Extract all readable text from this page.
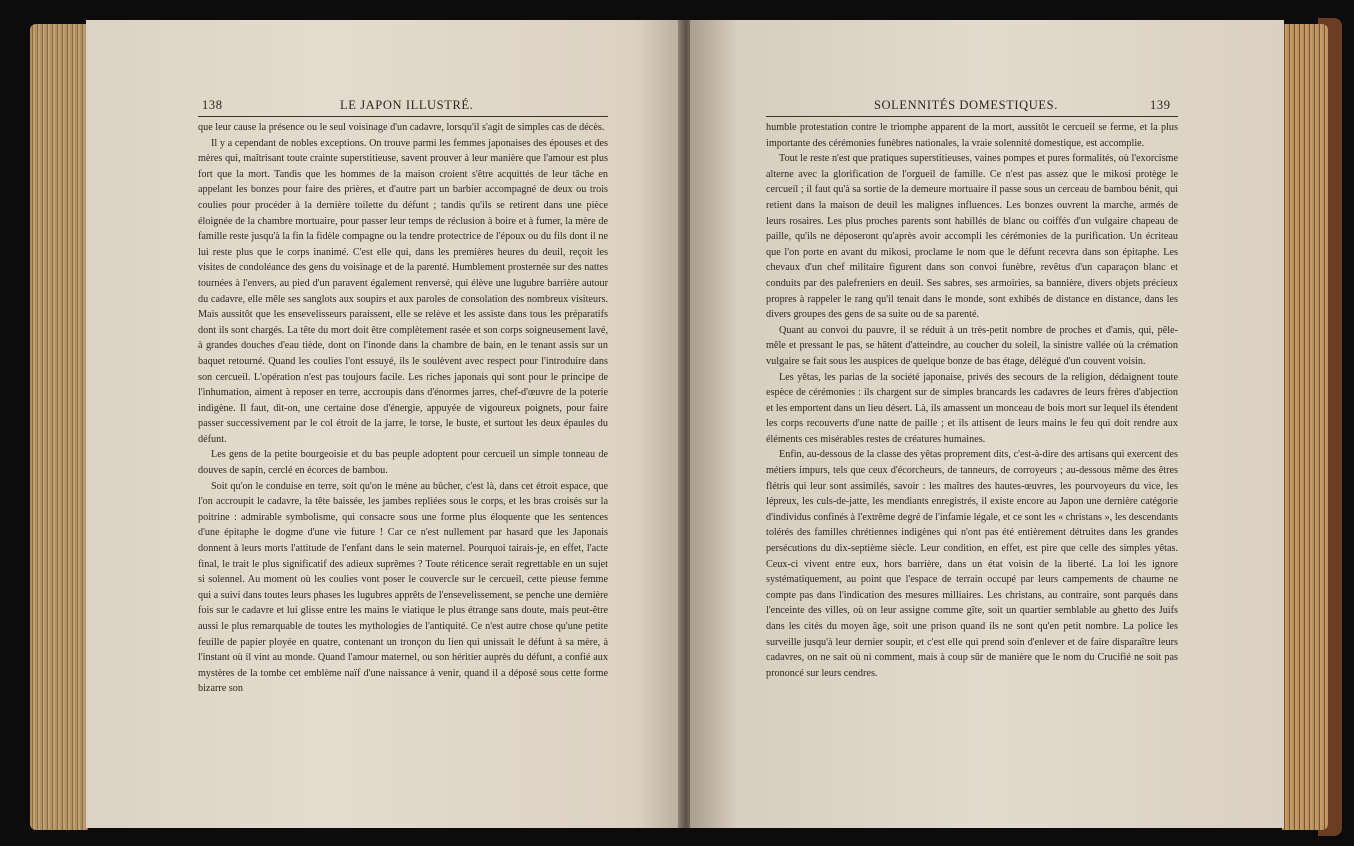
138	LE JAPON ILLUSTRÉ.

que leur cause la présence ou le seul voisinage d'un cadavre, lorsqu'il s'agit de simples cas de décès.

Il y a cependant de nobles exceptions. On trouve parmi les femmes japonaises des épouses et des mères qui, maîtrisant toute crainte superstitieuse, savent prouver à leur manière que l'amour est plus fort que la mort. Tandis que les hommes de la maison croient s'être acquittés de leur tâche en appelant les bonzes pour faire des prières, et d'autre part un barbier accompagné de deux ou trois coulies pour procéder à la dernière toilette du défunt ; tandis qu'ils se retirent dans une pièce éloignée de la chambre mortuaire, pour passer leur temps de réclusion à boire et à fumer, la mère de famille reste jusqu'à la fin la fidèle compagne ou la tendre protectrice de l'époux ou du fils dont il ne lui reste plus que le corps inanimé. C'est elle qui, dans les premières heures du deuil, reçoit les visites de condoléance des gens du voisinage et de la parenté. Humblement prosternée sur des nattes tournées à l'envers, au pied d'un paravent également renversé, qui élève une lugubre barrière autour du cadavre, elle mêle ses sanglots aux soupirs et aux paroles de consolation des nombreux visiteurs. Mais aussitôt que les ensevelisseurs paraissent, elle se relève et les assiste dans tous les préparatifs dont ils sont chargés. La tête du mort doit être complètement rasée et son corps soigneusement lavé, à grandes douches d'eau tiède, dont on l'inonde dans la chambre de bain, en le tenant assis sur un baquet retourné. Quand les coulies l'ont essuyé, ils le soulèvent avec respect pour l'introduire dans son cercueil. L'opération n'est pas toujours facile. Les riches japonais qui sont pour le principe de l'inhumation, aiment à reposer en terre, accroupis dans d'énormes jarres, chef-d'œuvre de la poterie indigène. Il faut, dit-on, une certaine dose d'énergie, appuyée de vigoureux poignets, pour faire passer successivement par le col étroit de la jarre, le torse, le buste, et surtout les deux épaules du défunt.

Les gens de la petite bourgeoisie et du bas peuple adoptent pour cercueil un simple tonneau de douves de sapin, cerclé en écorces de bambou.

Soit qu'on le conduise en terre, soit qu'on le mène au bûcher, c'est là, dans cet étroit espace, que l'on accroupit le cadavre, la tête baissée, les jambes repliées sous le corps, et les bras croisés sur la poitrine : admirable symbolisme, qui consacre sous une forme plus éloquente que les sentences d'une épitaphe le dogme d'une vie future ! Car ce n'est nullement par hasard que les Japonais donnent à leurs morts l'attitude de l'enfant dans le sein maternel. Pourquoi tairais-je, en effet, l'acte final, le trait le plus significatif des adieux suprêmes ? Toute réticence serait regrettable en un sujet si solennel. Au moment où les coulies vont poser le couvercle sur le cercueil, cette pieuse femme qui a suivi dans toutes leurs phases les lugubres apprêts de l'ensevelissement, se penche une dernière fois sur le cadavre et lui glisse entre les mains le viatique le plus étrange sans doute, mais peut-être aussi le plus remarquable de toutes les mythologies de l'antiquité. Ce n'est autre chose qu'une petite feuille de papier ployée en quatre, contenant un tronçon du lien qui unissait le défunt à sa mère, à l'instant où il vint au monde. Quand l'amour maternel, ou son héritier auprès du défunt, a confié aux mystères de la tombe cet emblème naïf d'une naissance à venir, quand il a déposé sous cette forme bizarre son

SOLENNITÉS DOMESTIQUES.	139

humble protestation contre le triomphe apparent de la mort, aussitôt le cercueil se ferme, et la plus importante des cérémonies funèbres nationales, la vraie solennité domestique, est accomplie.

Tout le reste n'est que pratiques superstitieuses, vaines pompes et pures formalités, où l'exorcisme alterne avec la glorification de l'orgueil de famille. Ce n'est pas assez que le mikosi protège le cercueil ; il faut qu'à sa sortie de la demeure mortuaire il passe sous un cerceau de bambou bénit, qui retient dans la maison de deuil les malignes influences. Les bonzes ouvrent la marche, armés de leurs rosaires. Les plus proches parents sont habillés de blanc ou coiffés d'un vulgaire chapeau de paille, qu'ils ne déposeront qu'après avoir accompli les cérémonies de la purification. Un écriteau que l'on porte en avant du mikosi, proclame le nom que le défunt recevra dans son épitaphe. Les chevaux d'un chef militaire figurent dans son convoi funèbre, revêtus d'un caparaçon blanc et conduits par des palefreniers en deuil. Ses sabres, ses armoiries, sa bannière, divers objets précieux propres à rappeler le rang qu'il tenait dans le monde, sont exhibés de distance en distance, dans les divers groupes des gens de sa suite ou de sa parenté.

Quant au convoi du pauvre, il se réduit à un très-petit nombre de proches et d'amis, qui, pêle-mêle et pressant le pas, se hâtent d'atteindre, au coucher du soleil, la sinistre vallée où la crémation vulgaire se fait sous les auspices de quelque bonze de bas étage, délégué d'un couvent voisin.

Les yêtas, les parias de la société japonaise, privés des secours de la religion, dédaignent toute espèce de cérémonies : ils chargent sur de simples brancards les cadavres de leurs frères d'abjection et les emportent dans un lieu désert. Là, ils amassent un monceau de bois mort sur lequel ils étendent les corps recouverts d'une natte de paille ; et ils attisent de leurs mains le feu qui doit rendre aux éléments ces misérables restes de créatures humaines.

Enfin, au-dessous de la classe des yêtas proprement dits, c'est-à-dire des artisans qui exercent des métiers impurs, tels que ceux d'écorcheurs, de tanneurs, de corroyeurs ; au-dessous même des êtres flétris qui leur sont assimilés, savoir : les maîtres des hautes-œuvres, les pourvoyeurs du vice, les lépreux, les culs-de-jatte, les mendiants enregistrés, il existe encore au Japon une dernière catégorie d'individus confinés à l'extrême degré de l'infamie légale, et ce sont les « christans », les descendants tolérés des familles chrétiennes indigènes qui n'ont pas été entièrement détruites dans les grandes persécutions du dix-septième siècle. Leur condition, en effet, est pire que celle des simples yêtas. Ceux-ci vivent entre eux, hors barrière, dans un état voisin de la liberté. La loi les ignore systématiquement, au point que l'espace de terrain occupé par leurs campements de chaume ne compte pas dans l'indication des mesures milliaires. Les christans, au contraire, sont parqués dans l'enceinte des villes, où on leur assigne comme gîte, soit un quartier semblable au ghetto des Juifs dans les cités du moyen âge, soit une prison quand ils ne sont qu'en petit nombre. La police les surveille jusqu'à leur dernier soupir, et c'est elle qui prend soin d'enlever et de faire disparaître leurs cadavres, on ne sait où ni comment, mais à coup sûr de manière que le nom du Crucifié ne soit pas prononcé sur leurs cendres.
